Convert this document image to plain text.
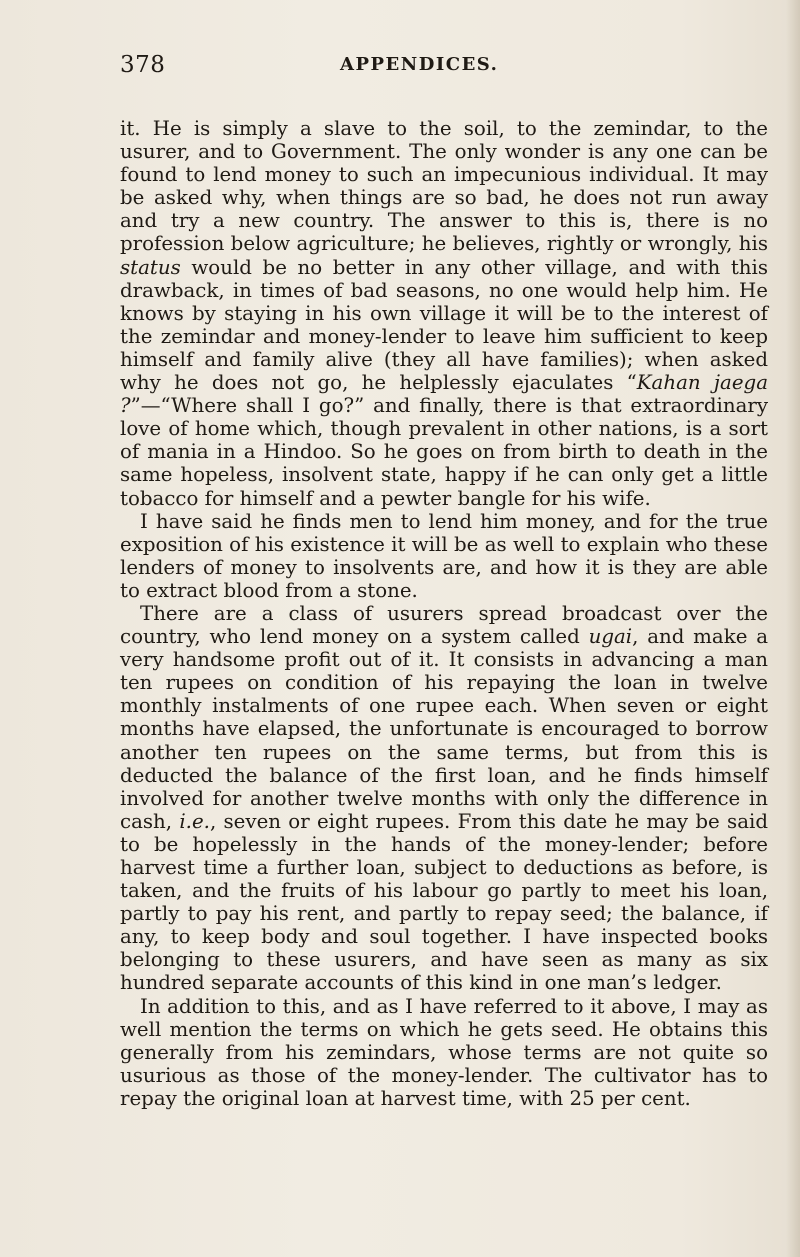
378	APPENDICES.

it. He is simply a slave to the soil, to the zemindar, to the usurer, and to Government. The only wonder is any one can be found to lend money to such an impecunious individual. It may be asked why, when things are so bad, he does not run away and try a new country. The answer to this is, there is no profession below agriculture; he believes, rightly or wrongly, his status would be no better in any other village, and with this drawback, in times of bad seasons, no one would help him. He knows by staying in his own village it will be to the interest of the zemindar and money-lender to leave him sufficient to keep himself and family alive (they all have families); when asked why he does not go, he helplessly ejaculates “Kahan jaega ?”—“Where shall I go?” and finally, there is that extraordinary love of home which, though prevalent in other nations, is a sort of mania in a Hindoo. So he goes on from birth to death in the same hopeless, insolvent state, happy if he can only get a little tobacco for himself and a pewter bangle for his wife.

I have said he finds men to lend him money, and for the true exposition of his existence it will be as well to explain who these lenders of money to insolvents are, and how it is they are able to extract blood from a stone.

There are a class of usurers spread broadcast over the country, who lend money on a system called ugai, and make a very handsome profit out of it. It consists in advancing a man ten rupees on condition of his repaying the loan in twelve monthly instalments of one rupee each. When seven or eight months have elapsed, the unfortunate is encouraged to borrow another ten rupees on the same terms, but from this is deducted the balance of the first loan, and he finds himself involved for another twelve months with only the difference in cash, i.e., seven or eight rupees. From this date he may be said to be hopelessly in the hands of the money-lender; before harvest time a further loan, subject to deductions as before, is taken, and the fruits of his labour go partly to meet his loan, partly to pay his rent, and partly to repay seed; the balance, if any, to keep body and soul together. I have inspected books belonging to these usurers, and have seen as many as six hundred separate accounts of this kind in one man’s ledger.

In addition to this, and as I have referred to it above, I may as well mention the terms on which he gets seed. He obtains this generally from his zemindars, whose terms are not quite so usurious as those of the money-lender. The cultivator has to repay the original loan at harvest time, with 25 per cent.
